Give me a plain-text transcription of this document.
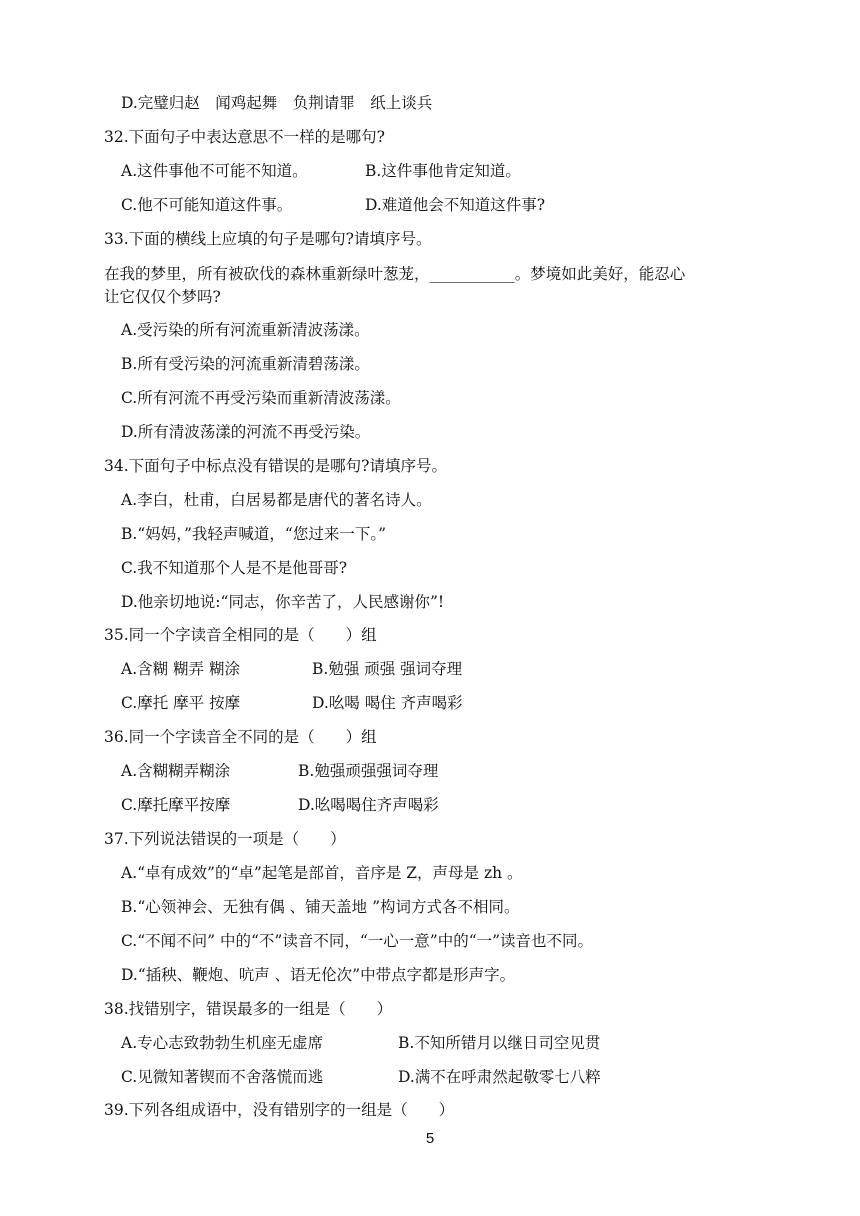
D.完璧归赵　闻鸡起舞　负荆请罪　纸上谈兵
32.下面句子中表达意思不一样的是哪句?
A.这件事他不可能不知道。	B.这件事他肯定知道。
C.他不可能知道这件事。	D.难道他会不知道这件事?
33.下面的横线上应填的句子是哪句?请填序号。
在我的梦里，所有被砍伐的森林重新绿叶葱茏，___________。梦境如此美好，能忍心
让它仅仅个梦吗?
A.受污染的所有河流重新清波荡漾。
B.所有受污染的河流重新清碧荡漾。
C.所有河流不再受污染而重新清波荡漾。
D.所有清波荡漾的河流不再受污染。
34.下面句子中标点没有错误的是哪句?请填序号。
A.李白，杜甫，白居易都是唐代的著名诗人。
B.“妈妈，”我轻声喊道，“您过来一下。”
C.我不知道那个人是不是他哥哥?
D.他亲切地说:“同志，你辛苦了，人民感谢你”!
35.同一个字读音全相同的是（　　）组
A.含糊 糊弄 糊涂	B.勉强 顽强 强词夺理
C.摩托 摩平 按摩	D.吆喝 喝住 齐声喝彩
36.同一个字读音全不同的是（　　）组
A.含糊糊弄糊涂	B.勉强顽强强词夺理
C.摩托摩平按摩	D.吆喝喝住齐声喝彩
37.下列说法错误的一项是（　　）
A.“卓有成效”的“卓”起笔是部首，音序是 Z，声母是 zh 。
B.“心领神会、无独有偶 、铺天盖地 ”构词方式各不相同。
C.“不闻不问” 中的“不”读音不同，“一心一意”中的“一”读音也不同。
D.“插秧、鞭炮、吭声 、语无伦次”中带点字都是形声字。
38.找错别字，错误最多的一组是（　　）
A.专心志致勃勃生机座无虚席	B.不知所错月以继日司空见贯
C.见微知著锲而不舍落慌而逃	D.满不在呼肃然起敬零七八粹
39.下列各组成语中，没有错别字的一组是（　　）
5
